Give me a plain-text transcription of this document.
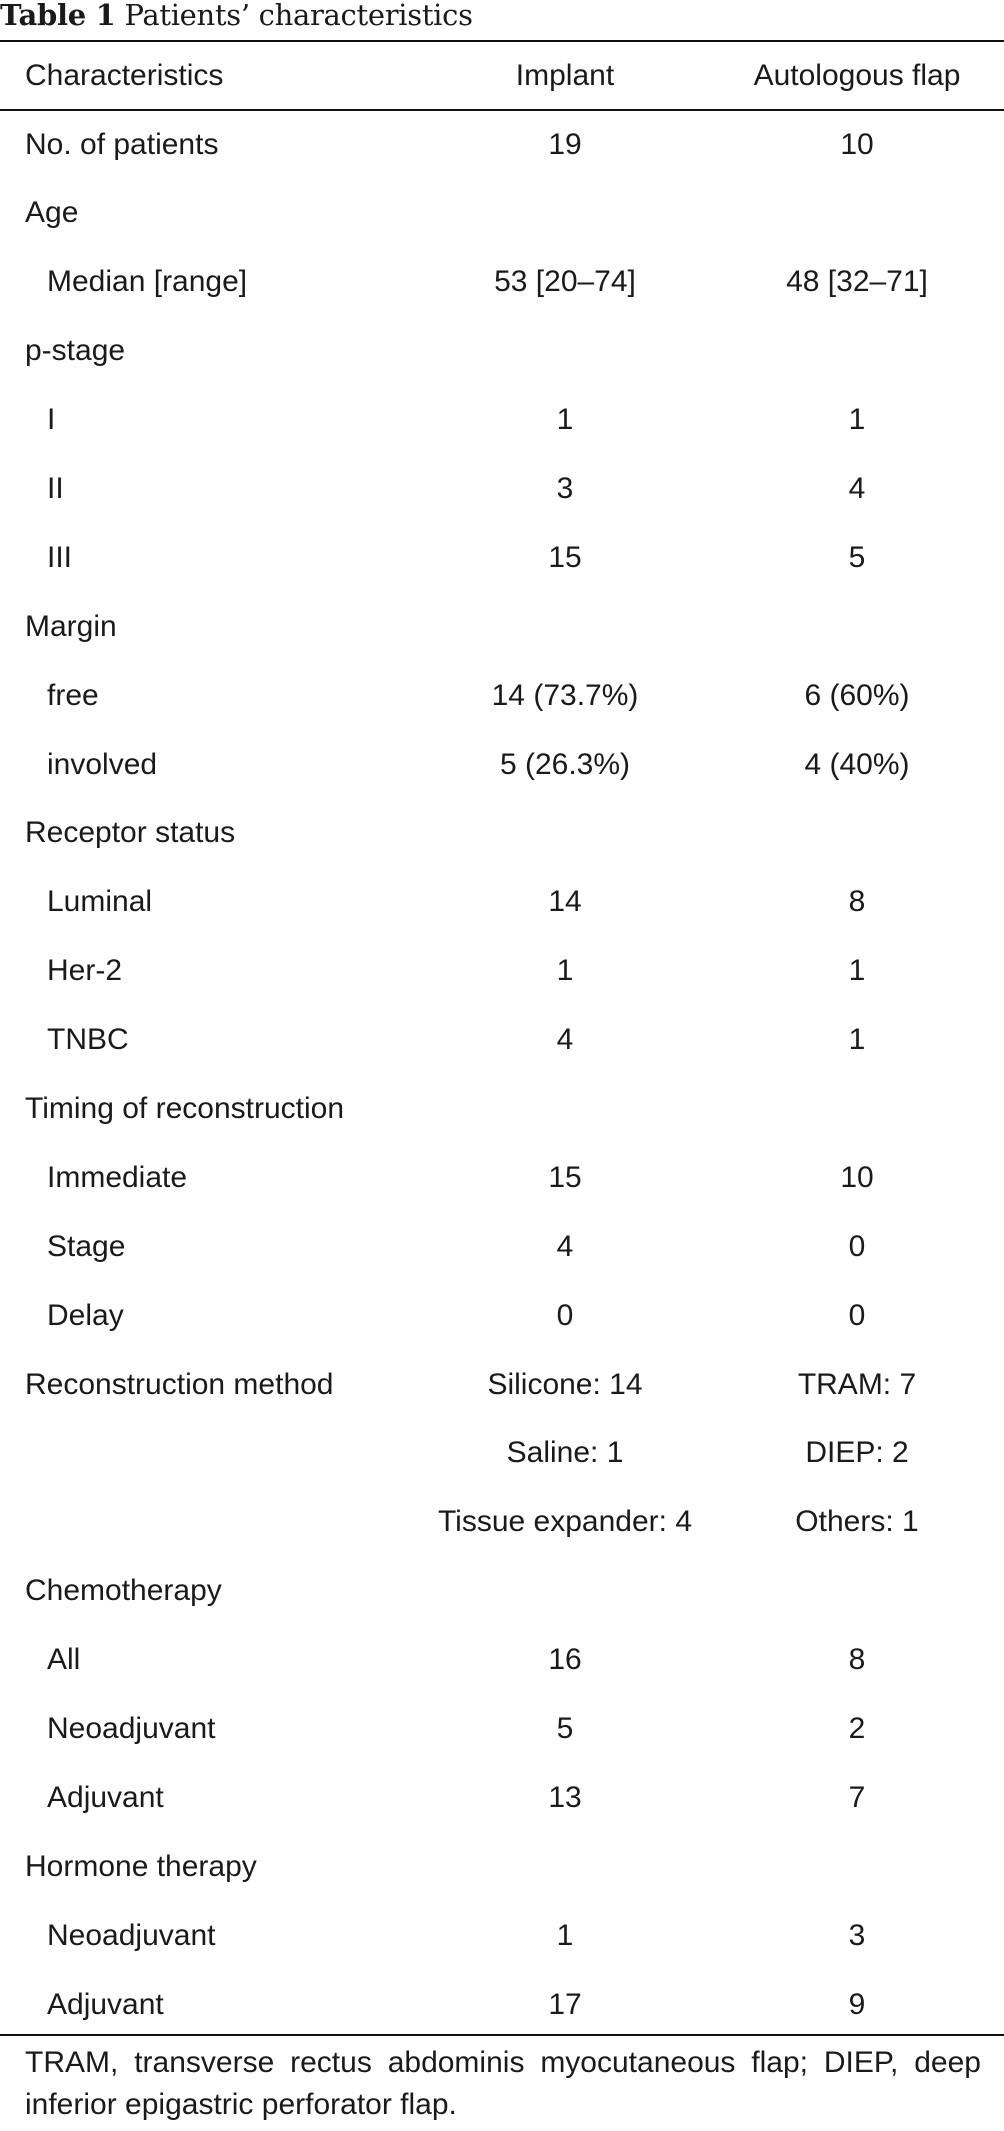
Table 1 Patients’ characteristics
Characteristics	Implant	Autologous flap
No. of patients	19	10
Age		
Median [range]	53 [20–74]	48 [32–71]
p-stage		
I	1	1
II	3	4
III	15	5
Margin		
free	14 (73.7%)	6 (60%)
involved	5 (26.3%)	4 (40%)
Receptor status		
Luminal	14	8
Her-2	1	1
TNBC	4	1
Timing of reconstruction		
Immediate	15	10
Stage	4	0
Delay	0	0
Reconstruction method	Silicone: 14	TRAM: 7
	Saline: 1	DIEP: 2
	Tissue expander: 4	Others: 1
Chemotherapy		
All	16	8
Neoadjuvant	5	2
Adjuvant	13	7
Hormone therapy		
Neoadjuvant	1	3
Adjuvant	17	9
TRAM, transverse rectus abdominis myocutaneous flap; DIEP, deep inferior epigastric perforator flap.
